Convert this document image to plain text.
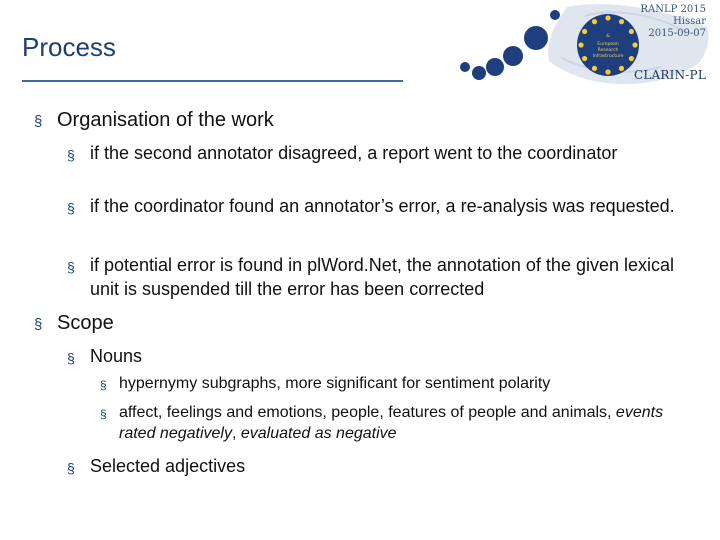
&
European
Research
Infrastructure
RANLP 2015
Hissar
2015-09-07
CLARIN-PL
Process
§ Organisation of the work
§ if the second annotator disagreed, a report went to the coordinator
§ if the coordinator found an annotator’s error, a re-analysis was requested.
§ if potential error is found in plWord.Net, the annotation of the given lexical unit is suspended till the error has been corrected
§ Scope
§ Nouns
§ hypernymy subgraphs, more significant for sentiment polarity
§ affect, feelings and emotions, people, features of people and animals, events rated negatively, evaluated as negative
§ Selected adjectives
